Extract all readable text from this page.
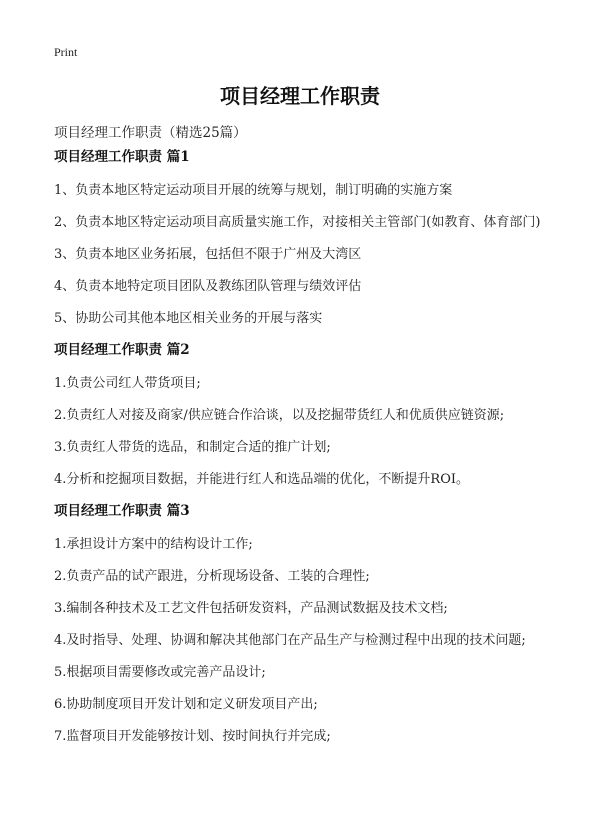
Print
项目经理工作职责
项目经理工作职责（精选25篇）
项目经理工作职责 篇1
1、负责本地区特定运动项目开展的统筹与规划，制订明确的实施方案
2、负责本地区特定运动项目高质量实施工作，对接相关主管部门(如教育、体育部门)
3、负责本地区业务拓展，包括但不限于广州及大湾区
4、负责本地特定项目团队及教练团队管理与绩效评估
5、协助公司其他本地区相关业务的开展与落实
项目经理工作职责 篇2
1.负责公司红人带货项目;
2.负责红人对接及商家/供应链合作洽谈，以及挖掘带货红人和优质供应链资源;
3.负责红人带货的选品，和制定合适的推广计划;
4.分析和挖掘项目数据，并能进行红人和选品端的优化，不断提升ROI。
项目经理工作职责 篇3
1.承担设计方案中的结构设计工作;
2.负责产品的试产跟进，分析现场设备、工装的合理性;
3.编制各种技术及工艺文件包括研发资料，产品测试数据及技术文档;
4.及时指导、处理、协调和解决其他部门在产品生产与检测过程中出现的技术问题;
5.根据项目需要修改或完善产品设计;
6.协助制度项目开发计划和定义研发项目产出;
7.监督项目开发能够按计划、按时间执行并完成;
